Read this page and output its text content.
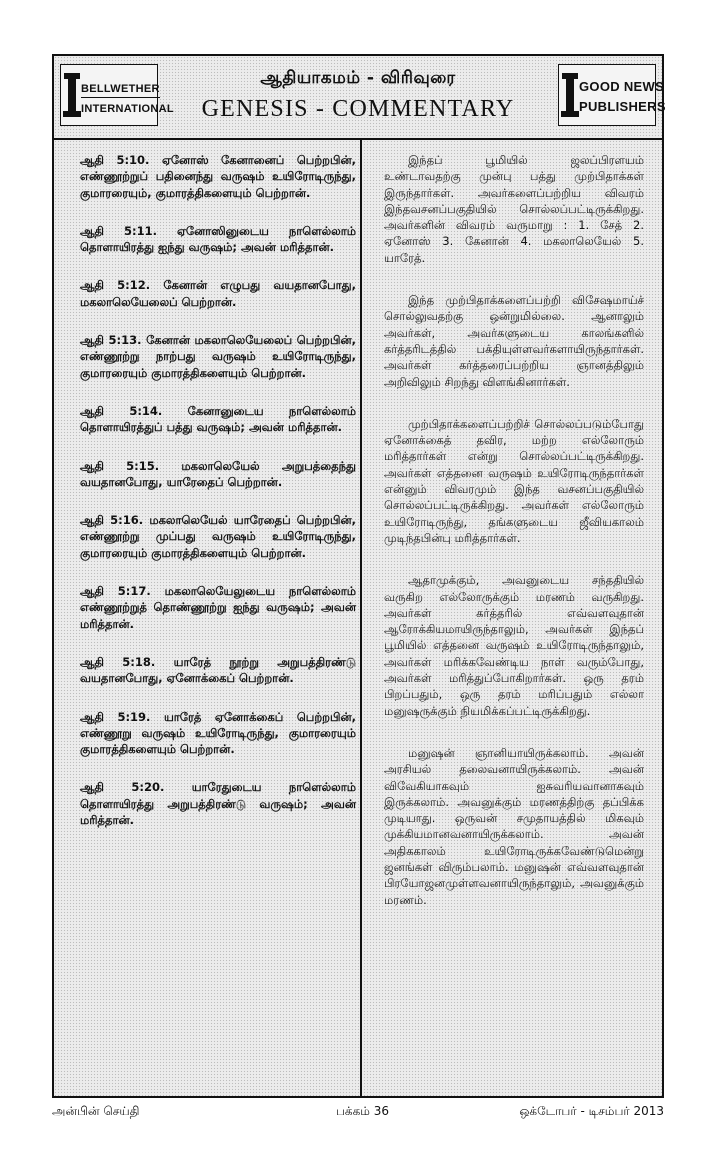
BELLWETHER
INTERNATIONAL
ஆதியாகமம் - விரிவுரை
GENESIS - COMMENTARY
GOOD NEWS
PUBLISHERS

ஆதி 5:10. ஏனோஸ் கேனானைப் பெற்றபின், எண்ணூற்றுப் பதினைந்து வருஷம் உயிரோடிருந்து, குமாரரையும், குமாரத்திகளையும் பெற்றான்.

ஆதி 5:11. ஏனோஸினுடைய நாளெல்லாம் தொளாயிரத்து ஐந்து வருஷம்; அவன் மரித்தான்.

ஆதி 5:12. கேனான் எழுபது வயதானபோது, மகலாலெயேலைப் பெற்றான்.

ஆதி 5:13. கேனான் மகலாலெயேலைப் பெற்றபின், எண்ணூற்று நாற்பது வருஷம் உயிரோடிருந்து, குமாரரையும் குமாரத்திகளையும் பெற்றான்.

ஆதி 5:14. கேனானுடைய நாளெல்லாம் தொளாயிரத்துப் பத்து வருஷம்; அவன் மரித்தான்.

ஆதி 5:15. மகலாலெயேல் அறுபத்தைந்து வயதானபோது, யாரேதைப் பெற்றான்.

ஆதி 5:16. மகலாலெயேல் யாரேதைப் பெற்றபின், எண்ணூற்று முப்பது வருஷம் உயிரோடிருந்து, குமாரரையும் குமாரத்திகளையும் பெற்றான்.

ஆதி 5:17. மகலாலெயேலுடைய நாளெல்லாம் எண்ணூற்றுத் தொண்ணூற்று ஐந்து வருஷம்; அவன் மரித்தான்.

ஆதி 5:18. யாரேத் நூற்று அறுபத்திரண்டு வயதானபோது, ஏனோக்கைப் பெற்றான்.

ஆதி 5:19. யாரேத் ஏனோக்கைப் பெற்றபின், எண்ணூறு வருஷம் உயிரோடிருந்து, குமாரரையும் குமாரத்திகளையும் பெற்றான்.

ஆதி 5:20. யாரேதுடைய நாளெல்லாம் தொளாயிரத்து அறுபத்திரண்டு வருஷம்; அவன் மரித்தான்.

இந்தப் பூமியில் ஜலப்பிரளயம் உண்டாவதற்கு முன்பு பத்து முற்பிதாக்கள் இருந்தார்கள். அவர்களைப்பற்றிய விவரம் இந்தவசனப்பகுதியில் சொல்லப்பட்டிருக்கிறது. அவர்களின் விவரம் வருமாறு : 1. சேத் 2. ஏனோஸ் 3. கேனான் 4. மகலாலெயேல் 5. யாரேத்.

இந்த முற்பிதாக்களைப்பற்றி விசேஷமாய்ச் சொல்லுவதற்கு ஒன்றுமில்லை. ஆனாலும் அவர்கள், அவர்களுடைய காலங்களில் கர்த்தரிடத்தில் பக்தியுள்ளவர்களாயிருந்தார்கள். அவர்கள் கர்த்தரைப்பற்றிய ஞானத்திலும் அறிவிலும் சிறந்து விளங்கினார்கள்.

முற்பிதாக்களைப்பற்றிச் சொல்லப்படும்போது ஏனோக்கைத் தவிர, மற்ற எல்லோரும் மரித்தார்கள் என்று சொல்லப்பட்டிருக்கிறது. அவர்கள் எத்தனை வருஷம் உயிரோடிருந்தார்கள் என்னும் விவரமும் இந்த வசனப்பகுதியில் சொல்லப்பட்டிருக்கிறது. அவர்கள் எல்லோரும் உயிரோடிருந்து, தங்களுடைய ஜீவியகாலம் முடிந்தபின்பு மரித்தார்கள்.

ஆதாமுக்கும், அவனுடைய சந்ததியில் வருகிற எல்லோருக்கும் மரணம் வருகிறது. அவர்கள் கர்த்தரில் எவ்வளவுதான் ஆரோக்கியமாயிருந்தாலும், அவர்கள் இந்தப் பூமியில் எத்தனை வருஷம் உயிரோடிருந்தாலும், அவர்கள் மரிக்கவேண்டிய நாள் வரும்போது, அவர்கள் மரித்துப்போகிறார்கள். ஒரு தரம் பிறப்பதும், ஒரு தரம் மரிப்பதும் எல்லா மனுஷருக்கும் நியமிக்கப்பட்டிருக்கிறது.

மனுஷன் ஞானியாயிருக்கலாம். அவன் அரசியல் தலைவனாயிருக்கலாம். அவன் விவேகியாகவும் ஐசுவரியவானாகவும் இருக்கலாம். அவனுக்கும் மரணத்திற்கு தப்பிக்க முடியாது. ஒருவன் சமுதாயத்தில் மிகவும் முக்கியமானவனாயிருக்கலாம். அவன் அதிககாலம் உயிரோடிருக்கவேண்டுமென்று ஜனங்கள் விரும்பலாம். மனுஷன் எவ்வளவுதான் பிரயோஜனமுள்ளவனாயிருந்தாலும், அவனுக்கும் மரணம்.

அன்பின் செய்தி	பக்கம் 36	ஒக்டோபர் - டிசம்பர் 2013
